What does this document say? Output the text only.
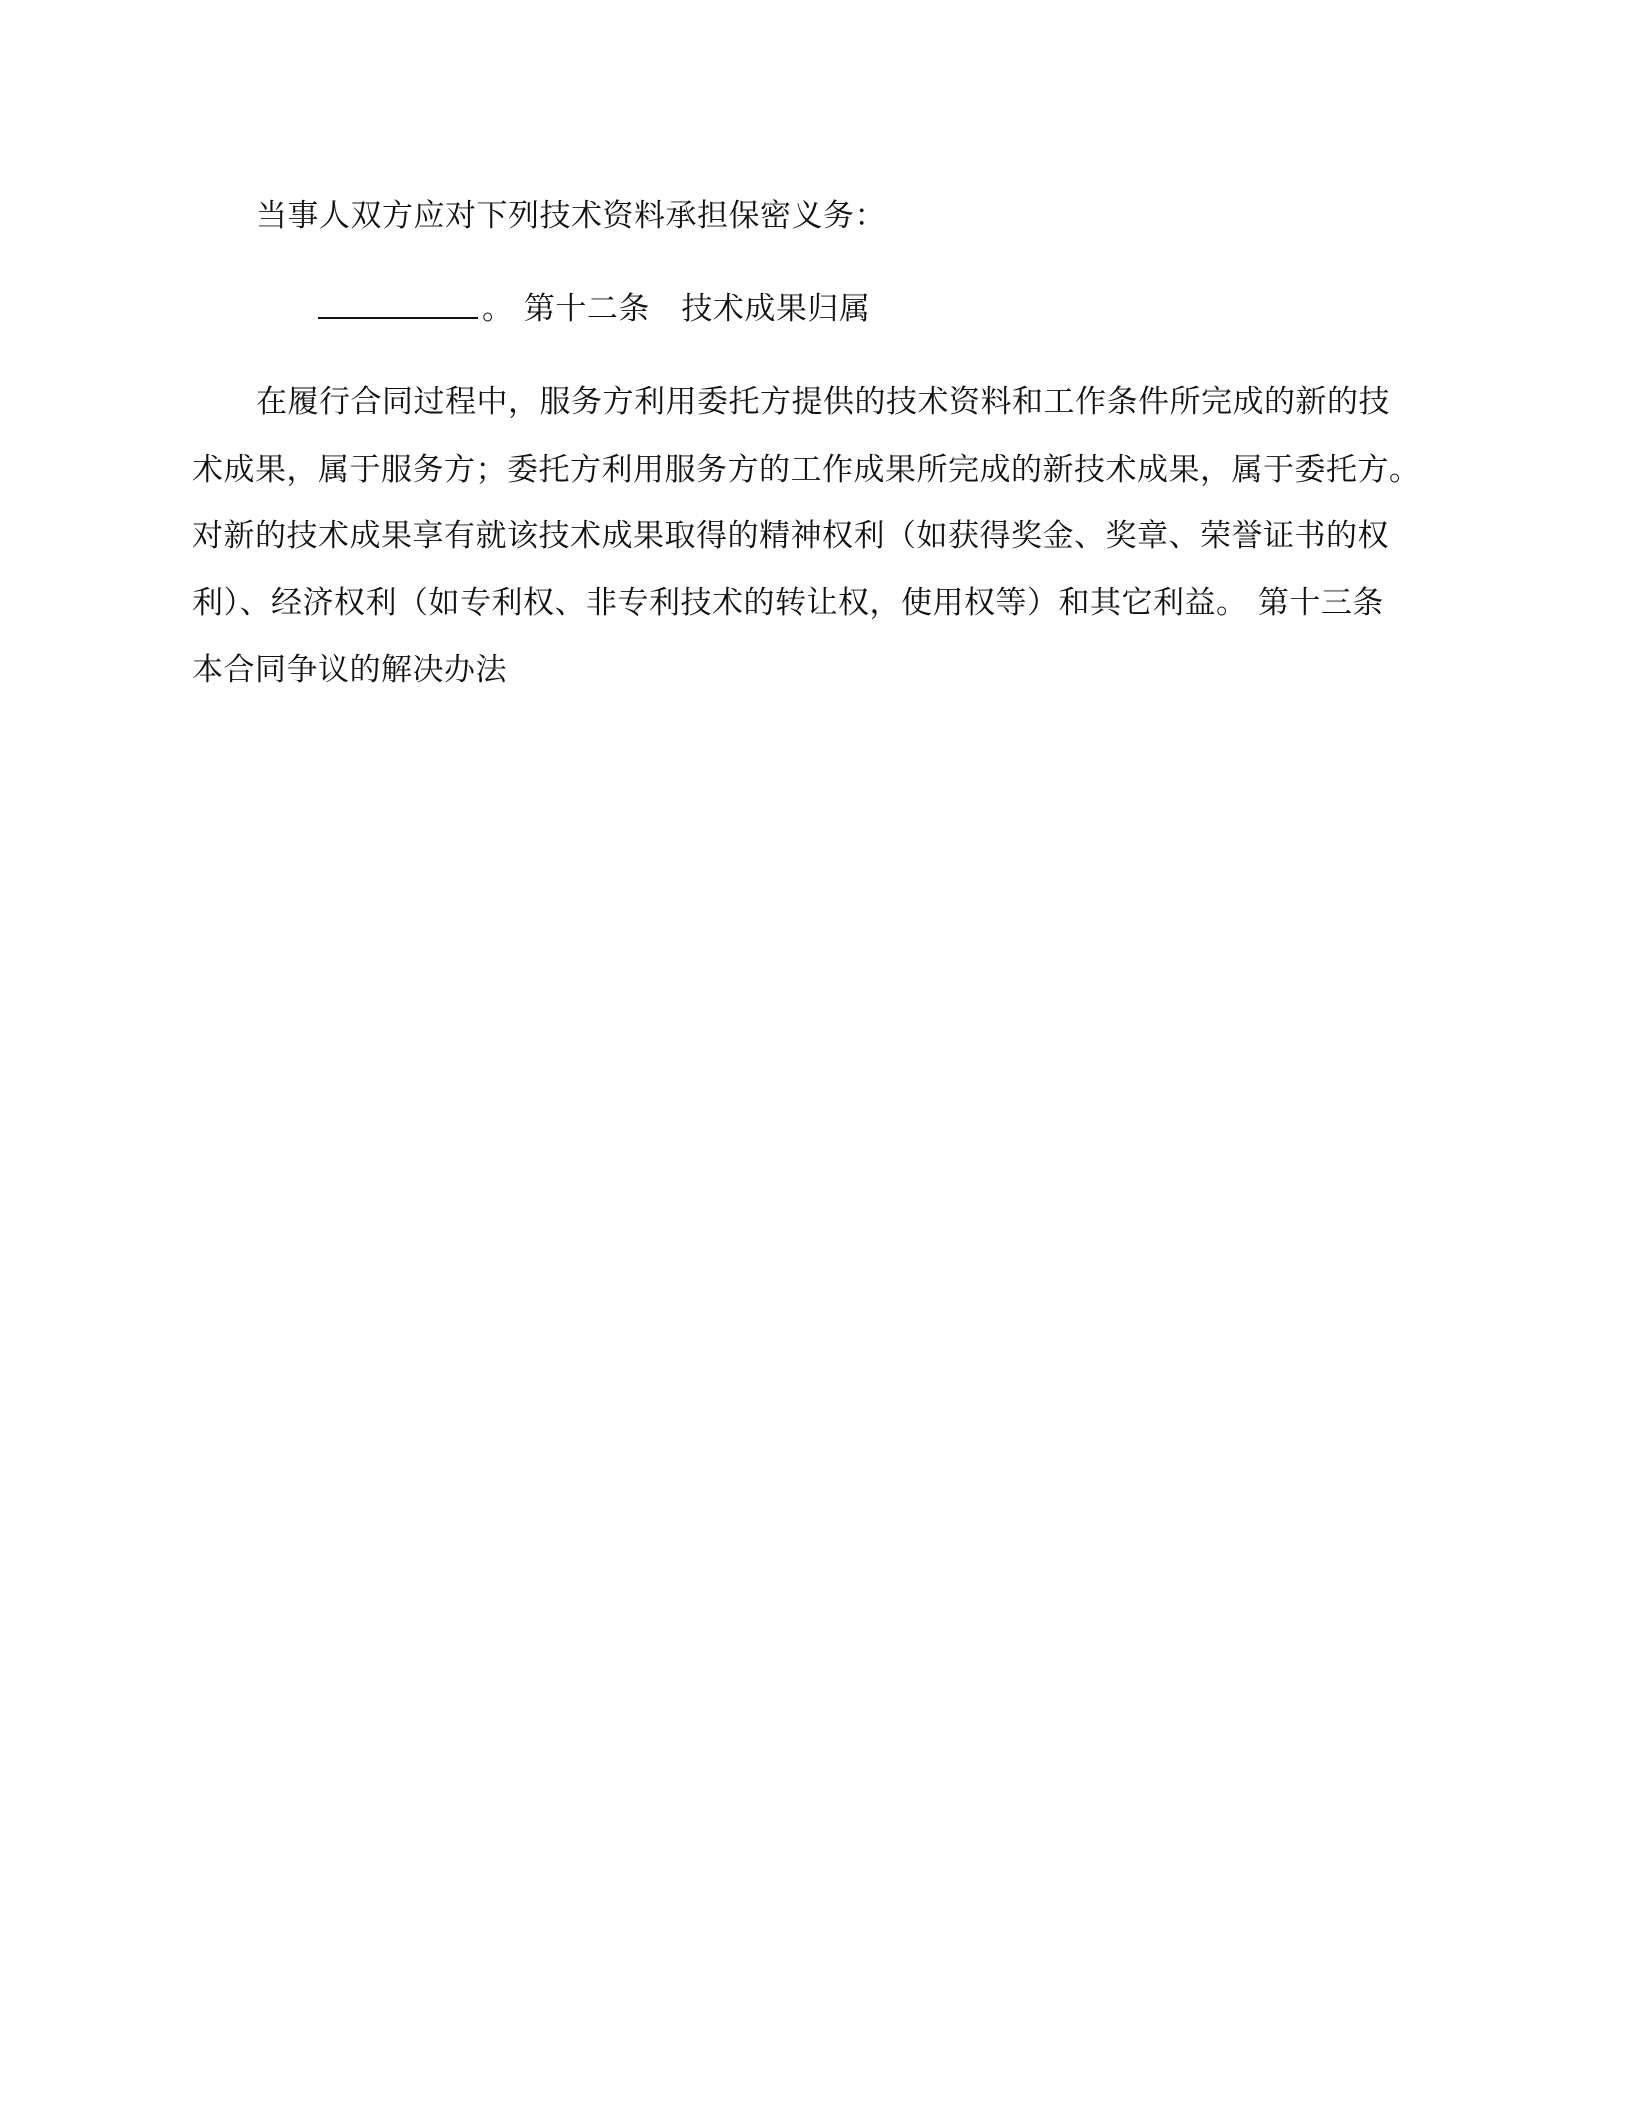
当事人双方应对下列技术资料承担保密义务：
。 第十二条　技术成果归属
在履行合同过程中，服务方利用委托方提供的技术资料和工作条件所完成的新的技
术成果，属于服务方；委托方利用服务方的工作成果所完成的新技术成果，属于委托方。
对新的技术成果享有就该技术成果取得的精神权利（如获得奖金、奖章、荣誉证书的权
利）、经济权利（如专利权、非专利技术的转让权，使用权等）和其它利益。 第十三条
本合同争议的解决办法
